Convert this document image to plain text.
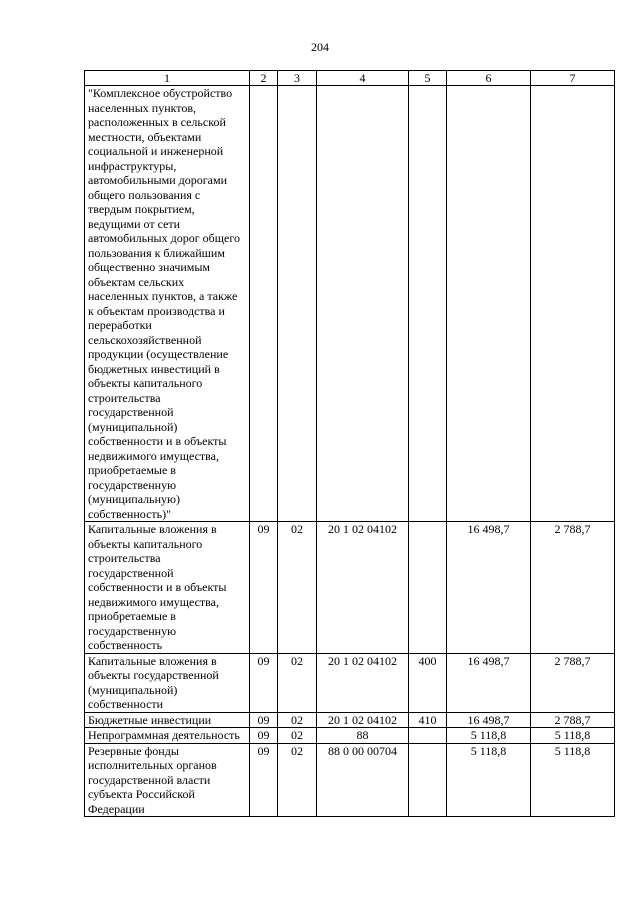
204
1	2	3	4	5	6	7
"Комплексное обустройство населенных пунктов, расположенных в сельской местности, объектами социальной и инженерной инфраструктуры, автомобильными дорогами общего пользования с твердым покрытием, ведущими от сети автомобильных дорог общего пользования к ближайшим общественно значимым объектам сельских населенных пунктов, а также к объектам производства и переработки сельскохозяйственной продукции (осуществление бюджетных инвестиций в объекты капитального строительства государственной (муниципальной) собственности и в объекты недвижимого имущества, приобретаемые в государственную (муниципальную) собственность)"						
Капитальные вложения в объекты капитального строительства государственной собственности и в объекты недвижимого имущества, приобретаемые в государственную собственность	09	02	20 1 02 04102		16 498,7	2 788,7
Капитальные вложения в объекты государственной (муниципальной) собственности	09	02	20 1 02 04102	400	16 498,7	2 788,7
Бюджетные инвестиции	09	02	20 1 02 04102	410	16 498,7	2 788,7
Непрограммная деятельность	09	02	88		5 118,8	5 118,8
Резервные фонды исполнительных органов государственной власти субъекта Российской Федерации	09	02	88 0 00 00704		5 118,8	5 118,8
